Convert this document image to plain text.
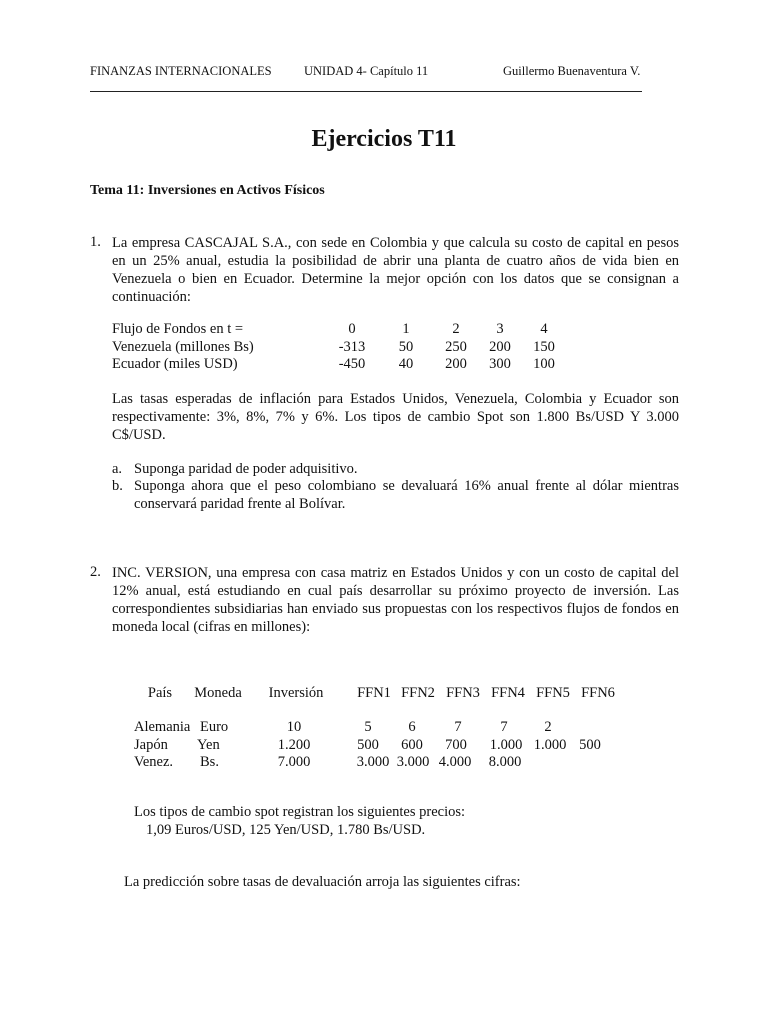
FINANZAS INTERNACIONALES	UNIDAD 4- Capítulo 11	Guillermo Buenaventura V.
Ejercicios T11
Tema 11: Inversiones en Activos Físicos
1. La empresa CASCAJAL S.A., con sede en Colombia y que calcula su costo de capital en pesos en un 25% anual, estudia la posibilidad de abrir una planta de cuatro años de vida bien en Venezuela o bien en Ecuador. Determine la mejor opción con los datos que se consignan a continuación:
Flujo de Fondos en t =	0	1	2	3	4
Venezuela (millones Bs)	-313	50	250	200	150
Ecuador (miles USD)	-450	40	200	300	100
Las tasas esperadas de inflación para Estados Unidos, Venezuela, Colombia y Ecuador son respectivamente: 3%, 8%, 7% y 6%. Los tipos de cambio Spot son 1.800 Bs/USD Y 3.000 C$/USD.
a. Suponga paridad de poder adquisitivo.
b. Suponga ahora que el peso colombiano se devaluará 16% anual frente al dólar mientras conservará paridad frente al Bolívar.
2. INC. VERSION, una empresa con casa matriz en Estados Unidos y con un costo de capital del 12% anual, está estudiando en cual país desarrollar su próximo proyecto de inversión. Las correspondientes subsidiarias han enviado sus propuestas con los respectivos flujos de fondos en moneda local (cifras en millones):
País	Moneda	Inversión	FFN1 FFN2 FFN3 FFN4 FFN5 FFN6
Alemania Euro	10	5	6	7	7	2
Japón Yen	1.200	500	600	700	1.000 1.000 500
Venez. Bs.	7.000	3.000 3.000 4.000	8.000
Los tipos de cambio spot registran los siguientes precios:
1,09 Euros/USD, 125 Yen/USD, 1.780 Bs/USD.
La predicción sobre tasas de devaluación arroja las siguientes cifras:
